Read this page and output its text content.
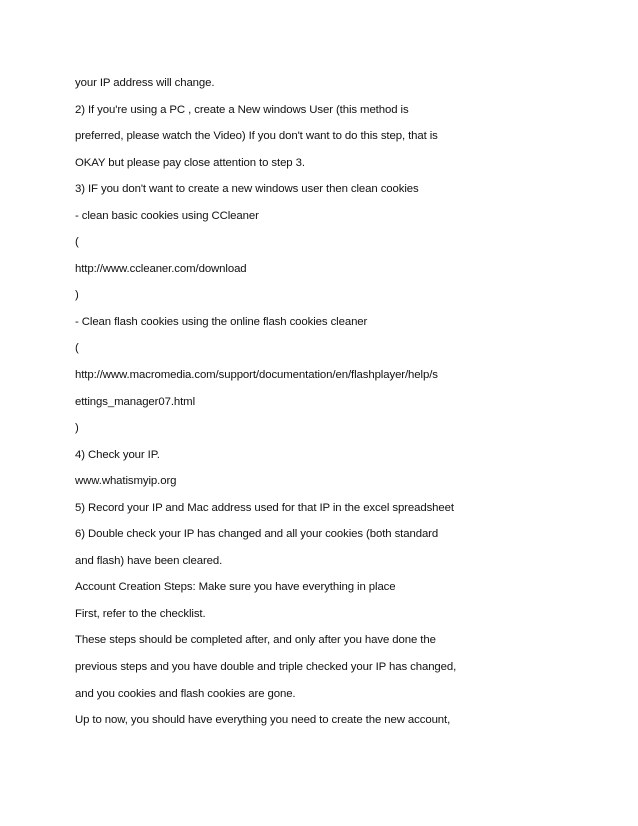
your IP address will change.
2) If you're using a PC , create a New windows User (this method is
preferred, please watch the Video) If you don't want to do this step, that is
OKAY but please pay close attention to step 3.
3) IF you don't want to create a new windows user then clean cookies
- clean basic cookies using CCleaner
(
http://www.ccleaner.com/download
)
- Clean flash cookies using the online flash cookies cleaner
(
http://www.macromedia.com/support/documentation/en/flashplayer/help/s
ettings_manager07.html
)
4) Check your IP.
www.whatismyip.org
5) Record your IP and Mac address used for that IP in the excel spreadsheet
6) Double check your IP has changed and all your cookies (both standard
and flash) have been cleared.
Account Creation Steps: Make sure you have everything in place
First, refer to the checklist.
These steps should be completed after, and only after you have done the
previous steps and you have double and triple checked your IP has changed,
and you cookies and flash cookies are gone.
Up to now, you should have everything you need to create the new account,
